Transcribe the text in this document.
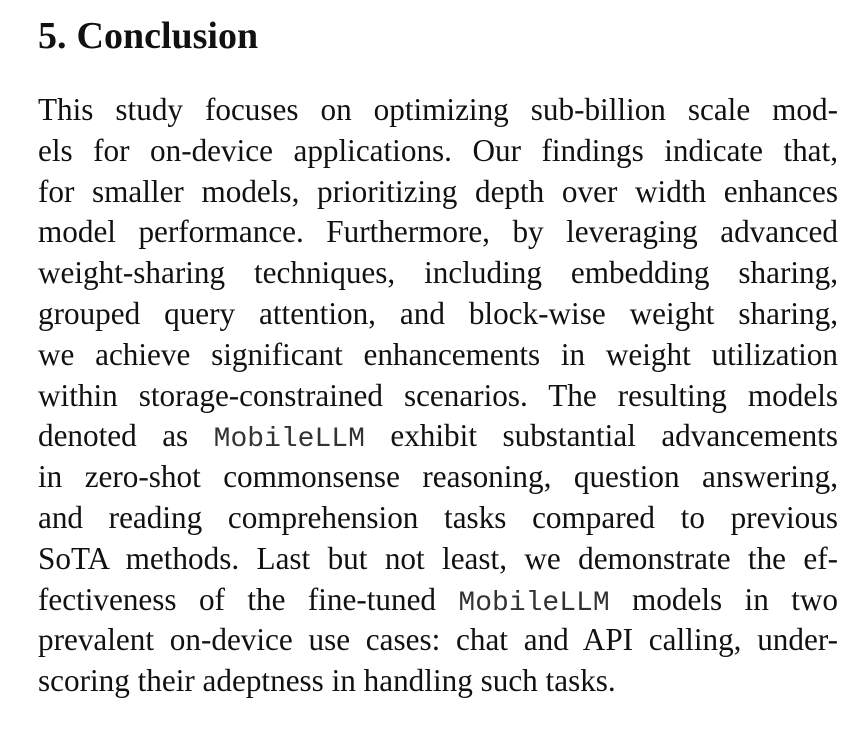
5. Conclusion
This study focuses on optimizing sub-billion scale mod-
els for on-device applications. Our findings indicate that,
for smaller models, prioritizing depth over width enhances
model performance. Furthermore, by leveraging advanced
weight-sharing techniques, including embedding sharing,
grouped query attention, and block-wise weight sharing,
we achieve significant enhancements in weight utilization
within storage-constrained scenarios. The resulting models
denoted as MobileLLM exhibit substantial advancements
in zero-shot commonsense reasoning, question answering,
and reading comprehension tasks compared to previous
SoTA methods. Last but not least, we demonstrate the ef-
fectiveness of the fine-tuned MobileLLM models in two
prevalent on-device use cases: chat and API calling, under-
scoring their adeptness in handling such tasks.
